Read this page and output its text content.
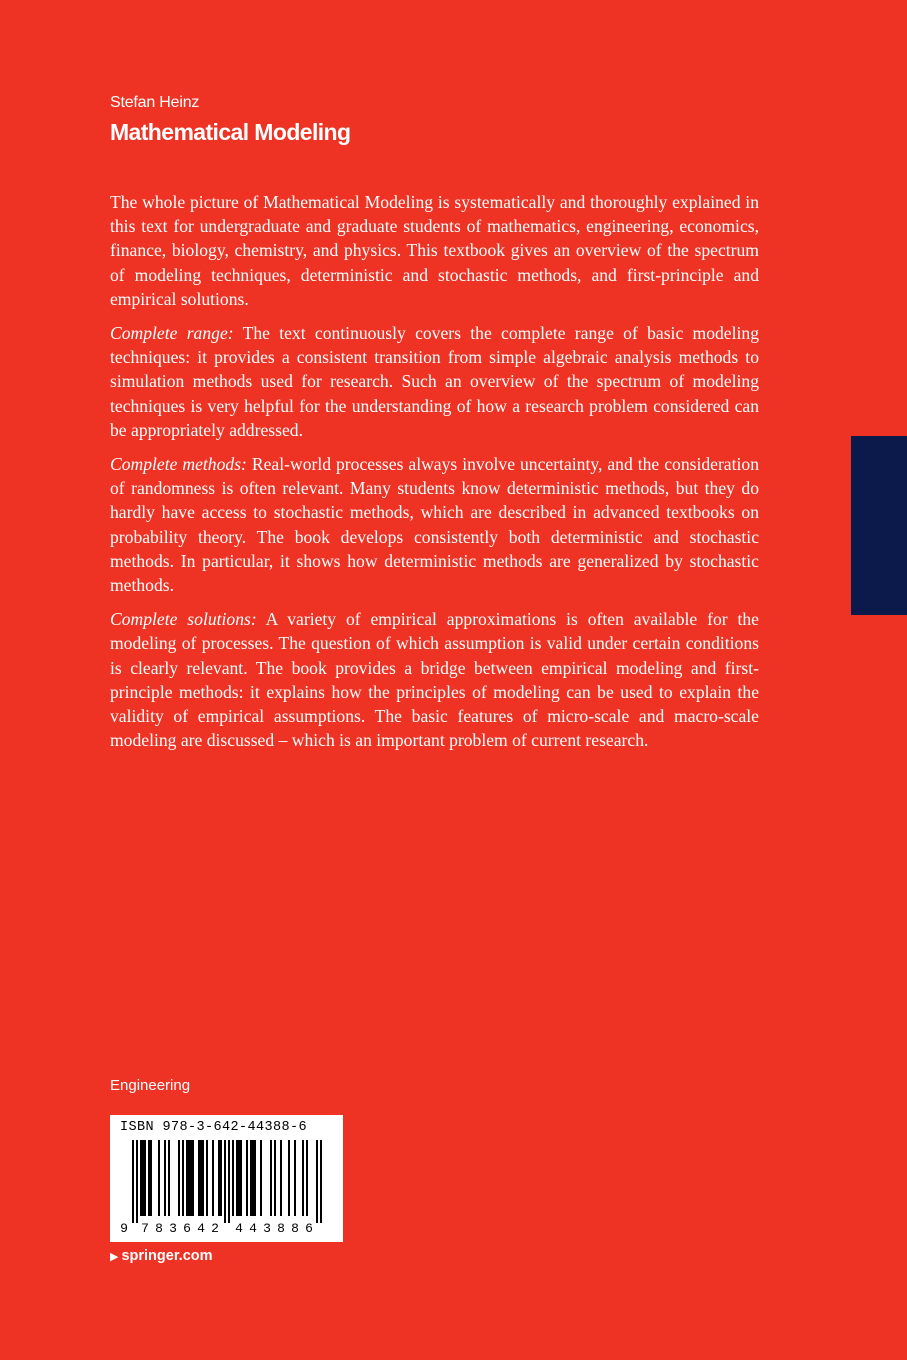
Stefan Heinz
Mathematical Modeling

The whole picture of Mathematical Modeling is systematically and thoroughly explained in this text for undergraduate and graduate students of mathematics, engineering, economics, finance, biology, chemistry, and physics. This textbook gives an overview of the spectrum of modeling techniques, deterministic and stochastic methods, and first-principle and empirical solutions.

Complete range: The text continuously covers the complete range of basic modeling techniques: it provides a consistent transition from simple algebraic analysis methods to simulation methods used for research. Such an overview of the spectrum of modeling techniques is very helpful for the understanding of how a research problem considered can be appropriately addressed.

Complete methods: Real-world processes always involve uncertainty, and the consideration of randomness is often relevant. Many students know deterministic methods, but they do hardly have access to stochastic methods, which are described in advanced textbooks on probability theory. The book develops consistently both deterministic and stochastic methods. In particular, it shows how deterministic methods are generalized by stochastic methods.

Complete solutions: A variety of empirical approximations is often available for the modeling of processes. The question of which assumption is valid under certain conditions is clearly relevant. The book provides a bridge between empirical modeling and first-principle methods: it explains how the principles of modeling can be used to explain the validity of empirical assumptions. The basic features of micro-scale and macro-scale modeling are discussed – which is an important problem of current research.

Engineering
ISBN 978-3-642-44388-6
9 7 8 3 6 4 2 4 4 3 8 8 6
▶ springer.com
